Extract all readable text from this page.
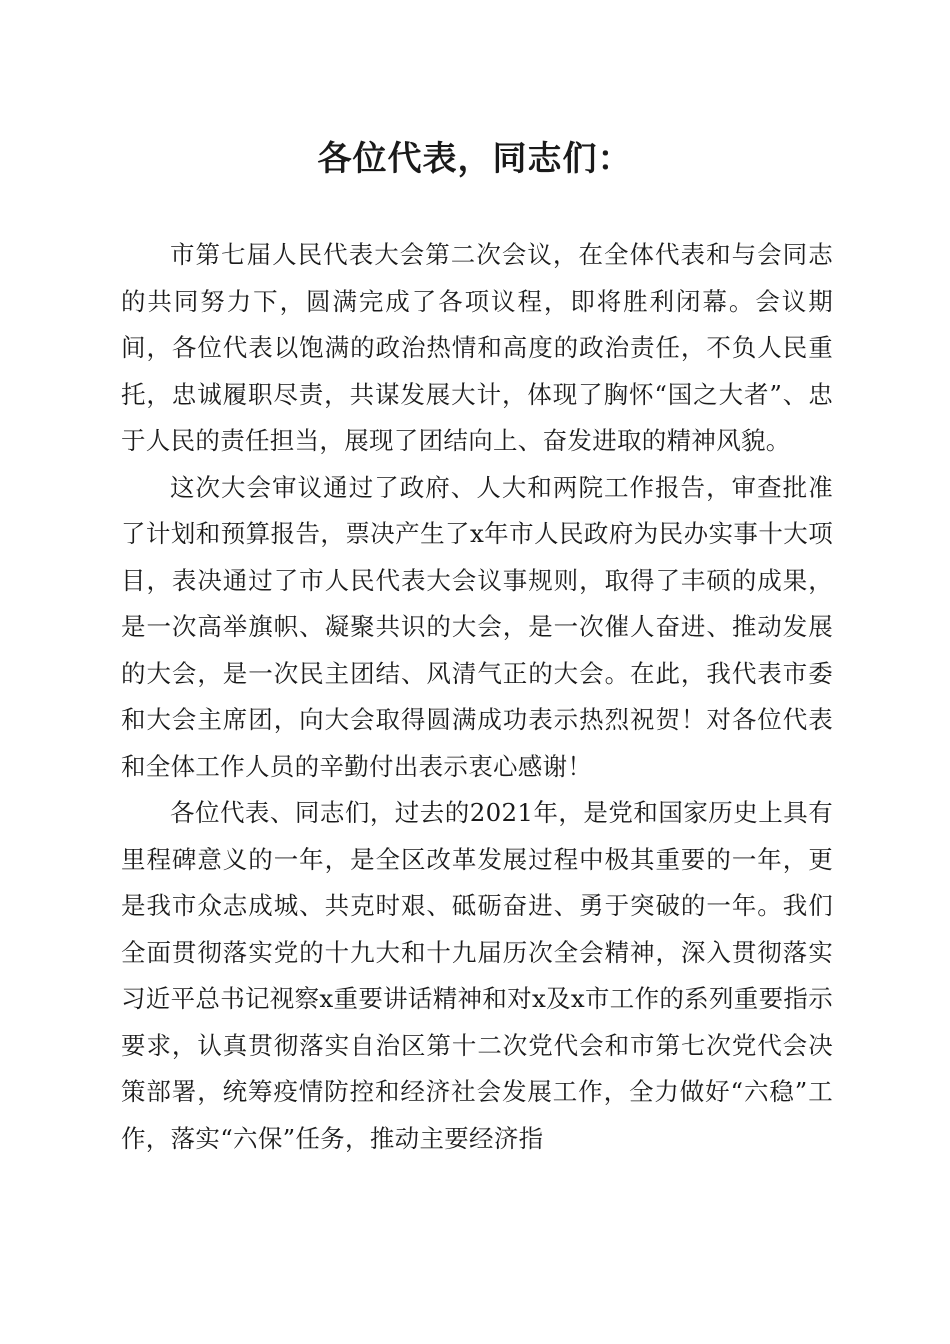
各位代表，同志们：

市第七届人民代表大会第二次会议，在全体代表和与会同志的共同努力下，圆满完成了各项议程，即将胜利闭幕。会议期间，各位代表以饱满的政治热情和高度的政治责任，不负人民重托，忠诚履职尽责，共谋发展大计，体现了胸怀“国之大者”、忠于人民的责任担当，展现了团结向上、奋发进取的精神风貌。

这次大会审议通过了政府、人大和两院工作报告，审查批准了计划和预算报告，票决产生了x年市人民政府为民办实事十大项目，表决通过了市人民代表大会议事规则，取得了丰硕的成果，是一次高举旗帜、凝聚共识的大会，是一次催人奋进、推动发展的大会，是一次民主团结、风清气正的大会。在此，我代表市委和大会主席团，向大会取得圆满成功表示热烈祝贺！对各位代表和全体工作人员的辛勤付出表示衷心感谢！

各位代表、同志们，过去的2021年，是党和国家历史上具有里程碑意义的一年，是全区改革发展过程中极其重要的一年，更是我市众志成城、共克时艰、砥砺奋进、勇于突破的一年。我们全面贯彻落实党的十九大和十九届历次全会精神，深入贯彻落实习近平总书记视察x重要讲话精神和对x及x市工作的系列重要指示要求，认真贯彻落实自治区第十二次党代会和市第七次党代会决策部署，统筹疫情防控和经济社会发展工作，全力做好“六稳”工作，落实“六保”任务，推动主要经济指
